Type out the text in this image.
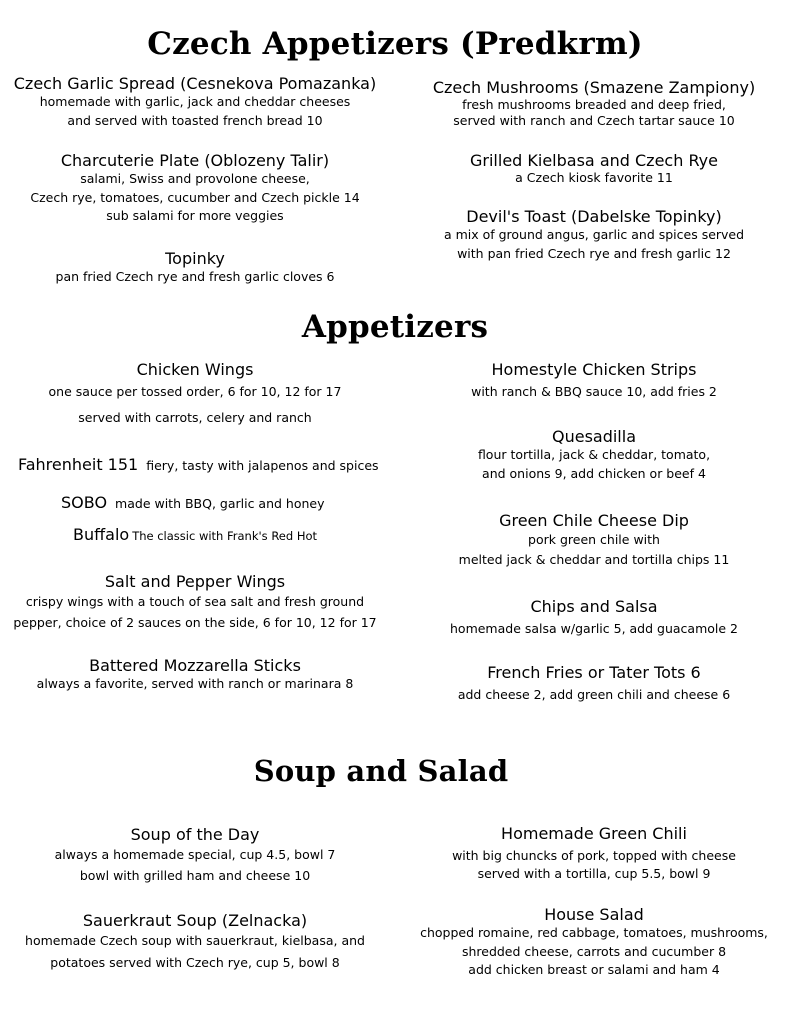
Czech Appetizers (Predkrm)
Czech Garlic Spread (Cesnekova Pomazanka)
homemade with garlic, jack and cheddar cheeses
and served with toasted french bread 10
Charcuterie Plate (Oblozeny Talir)
salami, Swiss and provolone cheese,
Czech rye, tomatoes, cucumber and Czech pickle 14
sub salami for more veggies
Topinky
pan fried Czech rye and fresh garlic cloves 6
Czech Mushrooms (Smazene Zampiony)
fresh mushrooms breaded and deep fried,
served with ranch and Czech tartar sauce 10
Grilled Kielbasa and Czech Rye
a Czech kiosk favorite 11
Devil's Toast (Dabelske Topinky)
a mix of ground angus, garlic and spices served
with pan fried Czech rye and fresh garlic 12
Appetizers
Chicken Wings
one sauce per tossed order, 6 for 10, 12 for 17
served with carrots, celery and ranch
Fahrenheit 151 fiery, tasty with jalapenos and spices
SOBO made with BBQ, garlic and honey
Buffalo The classic with Frank's Red Hot
Salt and Pepper Wings
crispy wings with a touch of sea salt and fresh ground
pepper, choice of 2 sauces on the side, 6 for 10, 12 for 17
Battered Mozzarella Sticks
always a favorite, served with ranch or marinara 8
Homestyle Chicken Strips
with ranch & BBQ sauce 10, add fries 2
Quesadilla
flour tortilla, jack & cheddar, tomato,
and onions 9, add chicken or beef 4
Green Chile Cheese Dip
pork green chile with
melted jack & cheddar and tortilla chips 11
Chips and Salsa
homemade salsa w/garlic 5, add guacamole 2
French Fries or Tater Tots 6
add cheese 2, add green chili and cheese 6
Soup and Salad
Soup of the Day
always a homemade special, cup 4.5, bowl 7
bowl with grilled ham and cheese 10
Sauerkraut Soup (Zelnacka)
homemade Czech soup with sauerkraut, kielbasa, and
potatoes served with Czech rye, cup 5, bowl 8
Homemade Green Chili
with big chuncks of pork, topped with cheese
served with a tortilla, cup 5.5, bowl 9
House Salad
chopped romaine, red cabbage, tomatoes, mushrooms,
shredded cheese, carrots and cucumber 8
add chicken breast or salami and ham 4
